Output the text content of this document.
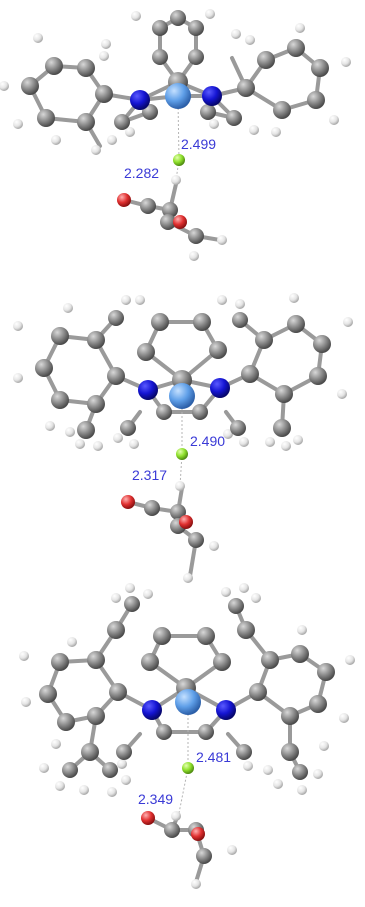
2.499
2.282
2.490
2.317
2.481
2.349
